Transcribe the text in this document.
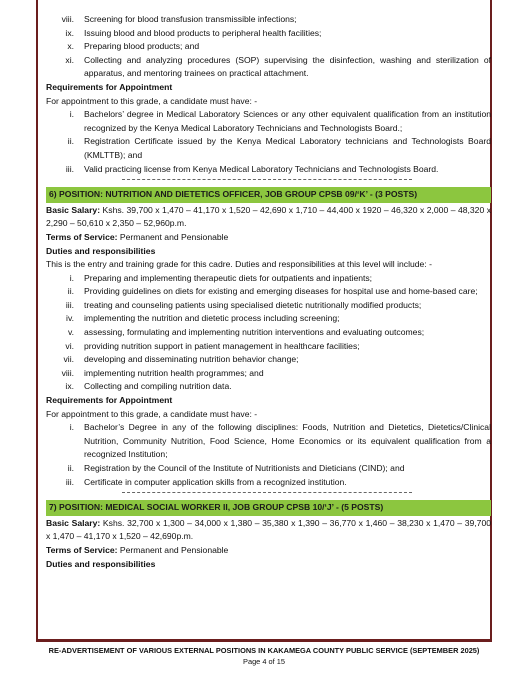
viii. Screening for blood transfusion transmissible infections;
ix. Issuing blood and blood products to peripheral health facilities;
x. Preparing blood products; and
xi. Collecting and analyzing procedures (SOP) supervising the disinfection, washing and sterilization of apparatus, and mentoring trainees on practical attachment.
Requirements for Appointment
For appointment to this grade, a candidate must have: -
i. Bachelors’ degree in Medical Laboratory Sciences or any other equivalent qualification from an institution recognized by the Kenya Medical Laboratory Technicians and Technologists Board.;
ii. Registration Certificate issued by the Kenya Medical Laboratory technicians and Technologists Board (KMLTTB); and
iii. Valid practicing license from Kenya Medical Laboratory Technicians and Technologists Board.
6) POSITION: NUTRITION AND DIETETICS OFFICER, JOB GROUP CPSB 09/‘K’ - (3 POSTS)
Basic Salary: Kshs. 39,700 x 1,470 – 41,170 x 1,520 – 42,690 x 1,710 – 44,400 x 1920 – 46,320 x 2,000 – 48,320 x 2,290 – 50,610 x 2,350 – 52,960p.m.
Terms of Service: Permanent and Pensionable
Duties and responsibilities
This is the entry and training grade for this cadre. Duties and responsibilities at this level will include: -
i. Preparing and implementing therapeutic diets for outpatients and inpatients;
ii. Providing guidelines on diets for existing and emerging diseases for hospital use and home-based care;
iii. treating and counseling patients using specialised dietetic nutritionally modified products;
iv. implementing the nutrition and dietetic process including screening;
v. assessing, formulating and implementing nutrition interventions and evaluating outcomes;
vi. providing nutrition support in patient management in healthcare facilities;
vii. developing and disseminating nutrition behavior change;
viii. implementing nutrition health programmes; and
ix. Collecting and compiling nutrition data.
Requirements for Appointment
For appointment to this grade, a candidate must have: -
i. Bachelor’s Degree in any of the following disciplines: Foods, Nutrition and Dietetics, Dietetics/Clinical Nutrition, Community Nutrition, Food Science, Home Economics or its equivalent qualification from a recognized Institution;
ii. Registration by the Council of the Institute of Nutritionists and Dieticians (CIND); and
iii. Certificate in computer application skills from a recognized institution.
7) POSITION: MEDICAL SOCIAL WORKER II, JOB GROUP CPSB 10/‘J’ - (5 POSTS)
Basic Salary: Kshs. 32,700 x 1,300 – 34,000 x 1,380 – 35,380 x 1,390 – 36,770 x 1,460 – 38,230 x 1,470 – 39,700 x 1,470 – 41,170 x 1,520 – 42,690p.m.
Terms of Service: Permanent and Pensionable
Duties and responsibilities
RE-ADVERTISEMENT OF VARIOUS EXTERNAL POSITIONS IN KAKAMEGA COUNTY PUBLIC SERVICE (SEPTEMBER 2025)
Page 4 of 15
